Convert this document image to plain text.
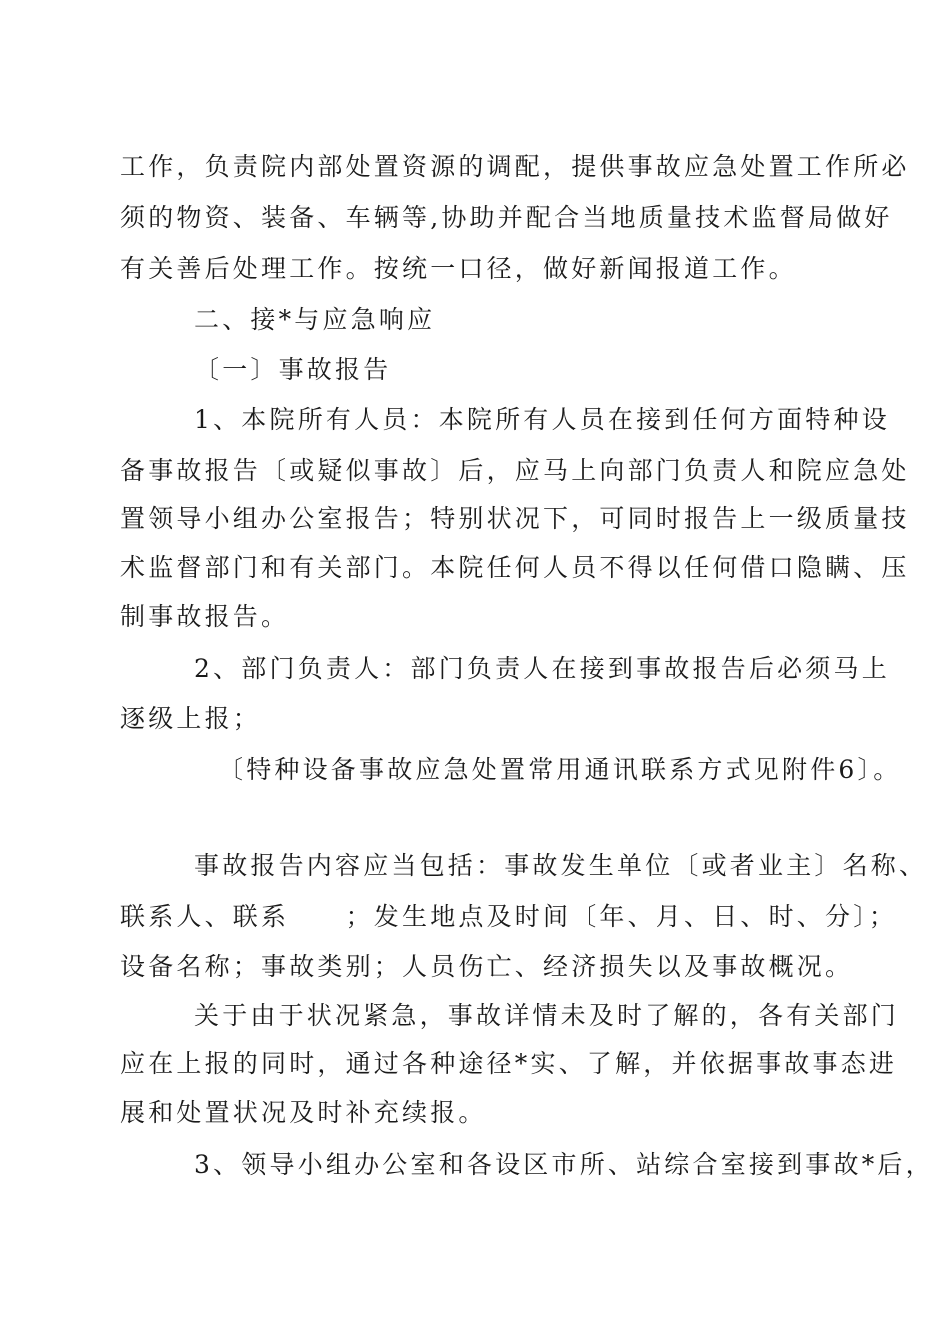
工作，负责院内部处置资源的调配，提供事故应急处置工作所必
须的物资、装备、车辆等,协助并配合当地质量技术监督局做好
有关善后处理工作。按统一口径，做好新闻报道工作。
二、接*与应急响应
〔一〕事故报告
1、本院所有人员：本院所有人员在接到任何方面特种设
备事故报告〔或疑似事故〕后，应马上向部门负责人和院应急处
置领导小组办公室报告；特别状况下，可同时报告上一级质量技
术监督部门和有关部门。本院任何人员不得以任何借口隐瞒、压
制事故报告。
2、部门负责人：部门负责人在接到事故报告后必须马上
逐级上报；
〔特种设备事故应急处置常用通讯联系方式见附件6〕。
事故报告内容应当包括：事故发生单位〔或者业主〕名称、
联系人、联系　　；发生地点及时间〔年、月、日、时、分〕；
设备名称；事故类别；人员伤亡、经济损失以及事故概况。
关于由于状况紧急，事故详情未及时了解的，各有关部门
应在上报的同时，通过各种途径*实、了解，并依据事故事态进
展和处置状况及时补充续报。
3、领导小组办公室和各设区市所、站综合室接到事故*后，
